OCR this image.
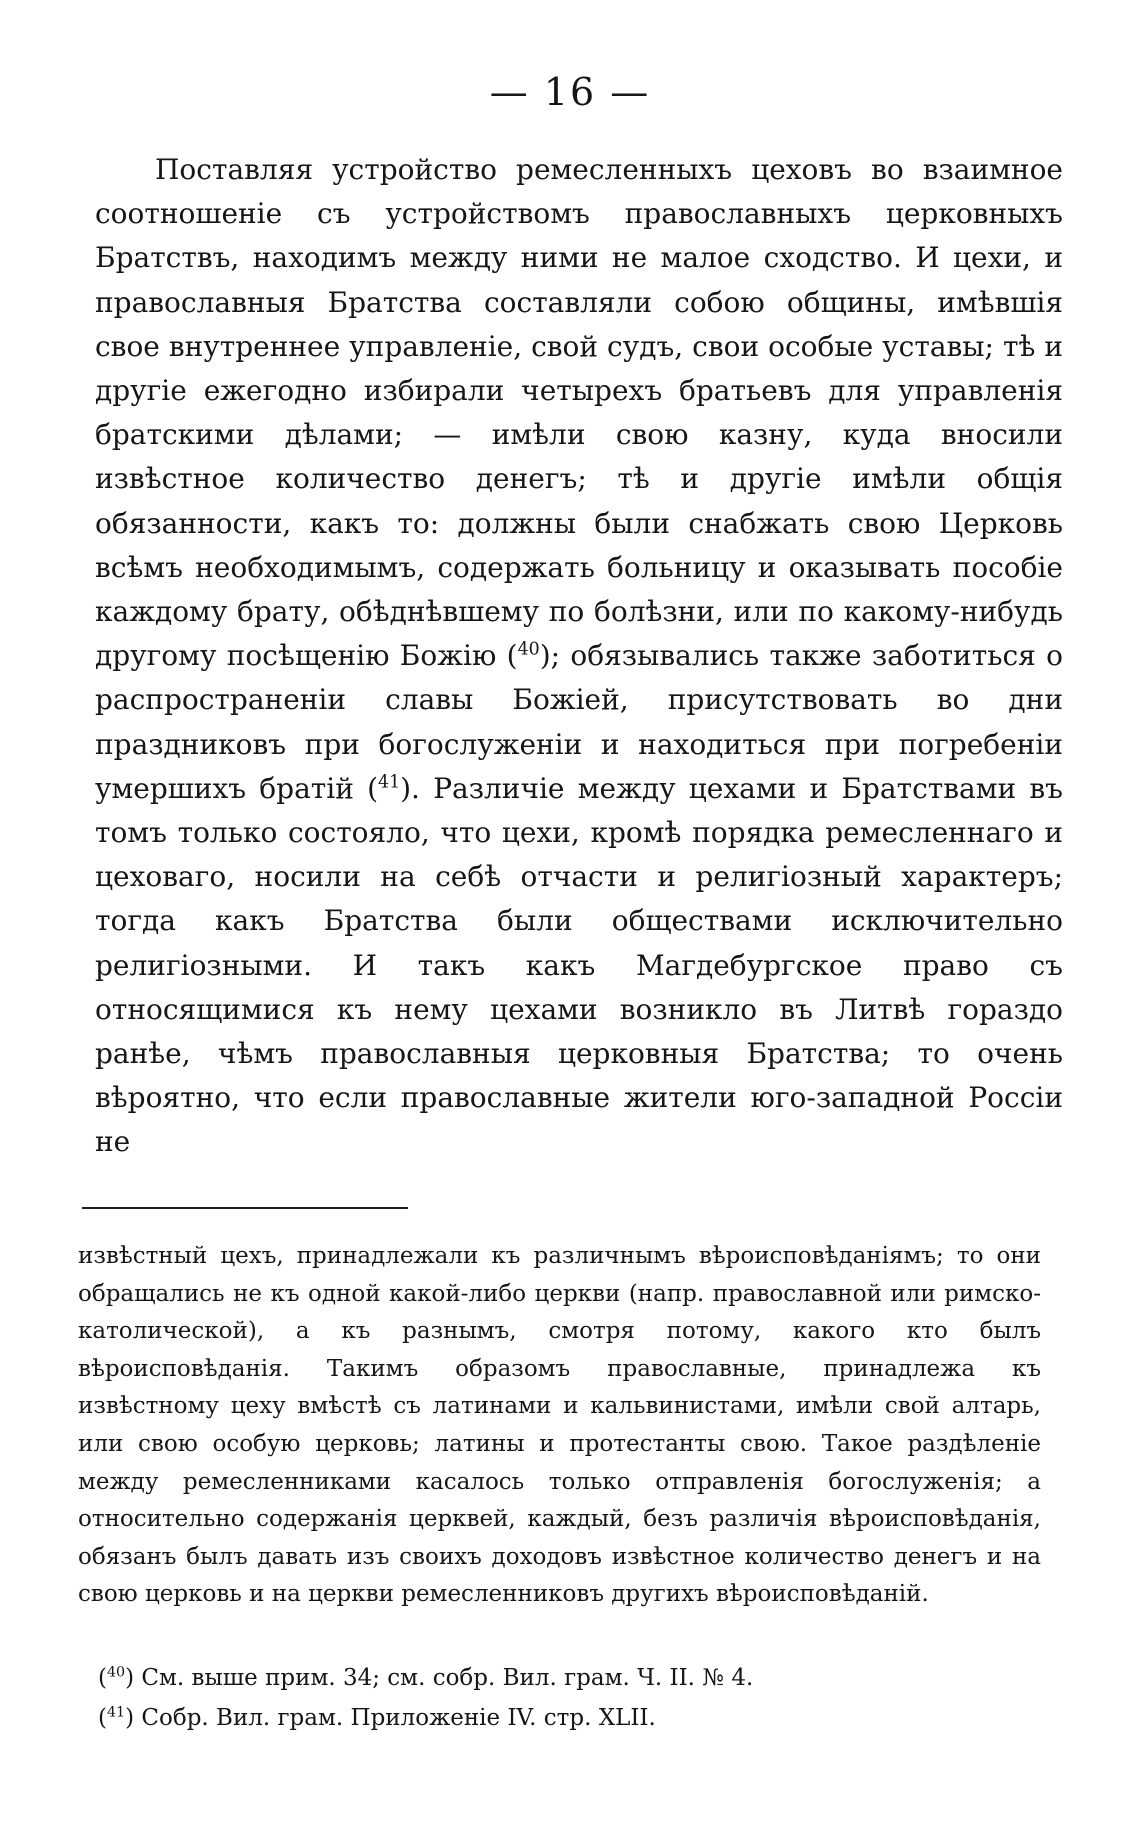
— 16 —

Поставляя устройство ремесленныхъ цеховъ во взаимное соотношеніе съ устройствомъ православныхъ церковныхъ Братствъ, находимъ между ними не малое сходство. И цехи, и православныя Братства составляли собою общины, имѣвшія свое внутреннее управленіе, свой судъ, свои особые уставы; тѣ и другіе ежегодно избирали четырехъ братьевъ для управленія братскими дѣлами; — имѣли свою казну, куда вносили извѣстное количество денегъ; тѣ и другіе имѣли общія обязанности, какъ то: должны были снабжать свою Церковь всѣмъ необходимымъ, содержать больницу и оказывать пособіе каждому брату, обѣднѣвшему по болѣзни, или по какому-нибудь другому посѣщенію Божію ($^{40}$); обязывались также заботиться о распространеніи славы Божіей, присутствовать во дни праздниковъ при богослуженіи и находиться при погребеніи умершихъ братій ($^{41}$). Различіе между цехами и Братствами въ томъ только состояло, что цехи, кромѣ порядка ремесленнаго и цеховаго, носили на себѣ отчасти и религіозный характеръ; тогда какъ Братства были обществами исключительно религіозными. И такъ какъ Магдебургское право съ относящимися къ нему цехами возникло въ Литвѣ гораздо ранѣе, чѣмъ православныя церковныя Братства; то очень вѣроятно, что если православные жители юго-западной Россіи не

извѣстный цехъ, принадлежали къ различнымъ вѣроисповѣданіямъ; то они обращались не къ одной какой-либо церкви (напр. православной или римско-католической), а къ разнымъ, смотря потому, какого кто былъ вѣроисповѣданія. Такимъ образомъ православные, принадлежа къ извѣстному цеху вмѣстѣ съ латинами и кальвинистами, имѣли свой алтарь, или свою особую церковь; латины и протестанты свою. Такое раздѣленіе между ремесленниками касалось только отправленія богослуженія; а относительно содержанія церквей, каждый, безъ различія вѣроисповѣданія, обязанъ былъ давать изъ своихъ доходовъ извѣстное количество денегъ и на свою церковь и на церкви ремесленниковъ другихъ вѣроисповѣданій.

($^{40}$) См. выше прим. 34; см. собр. Вил. грам. Ч. II. № 4.

($^{41}$) Собр. Вил. грам. Приложеніе IV. стр. XLII.
